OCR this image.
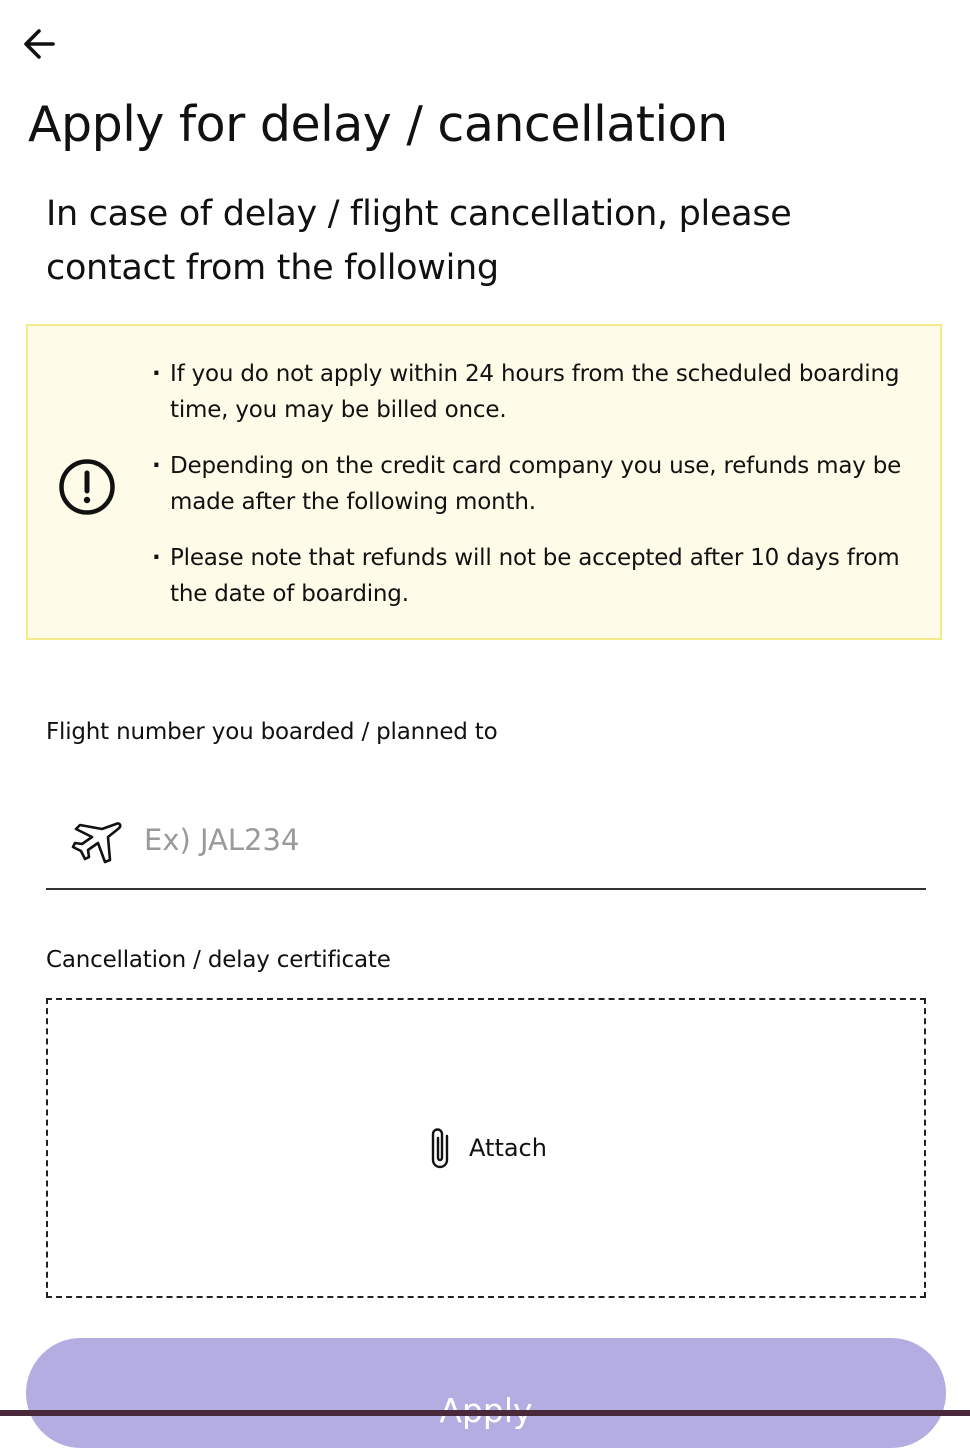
Apply for delay / cancellation

In case of delay / flight cancellation, please contact from the following

· If you do not apply within 24 hours from the scheduled boarding time, you may be billed once.
· Depending on the credit card company you use, refunds may be made after the following month.
· Please note that refunds will not be accepted after 10 days from the date of boarding.
Flight number you boarded / planned to
Ex) JAL234
Cancellation / delay certificate
Attach
